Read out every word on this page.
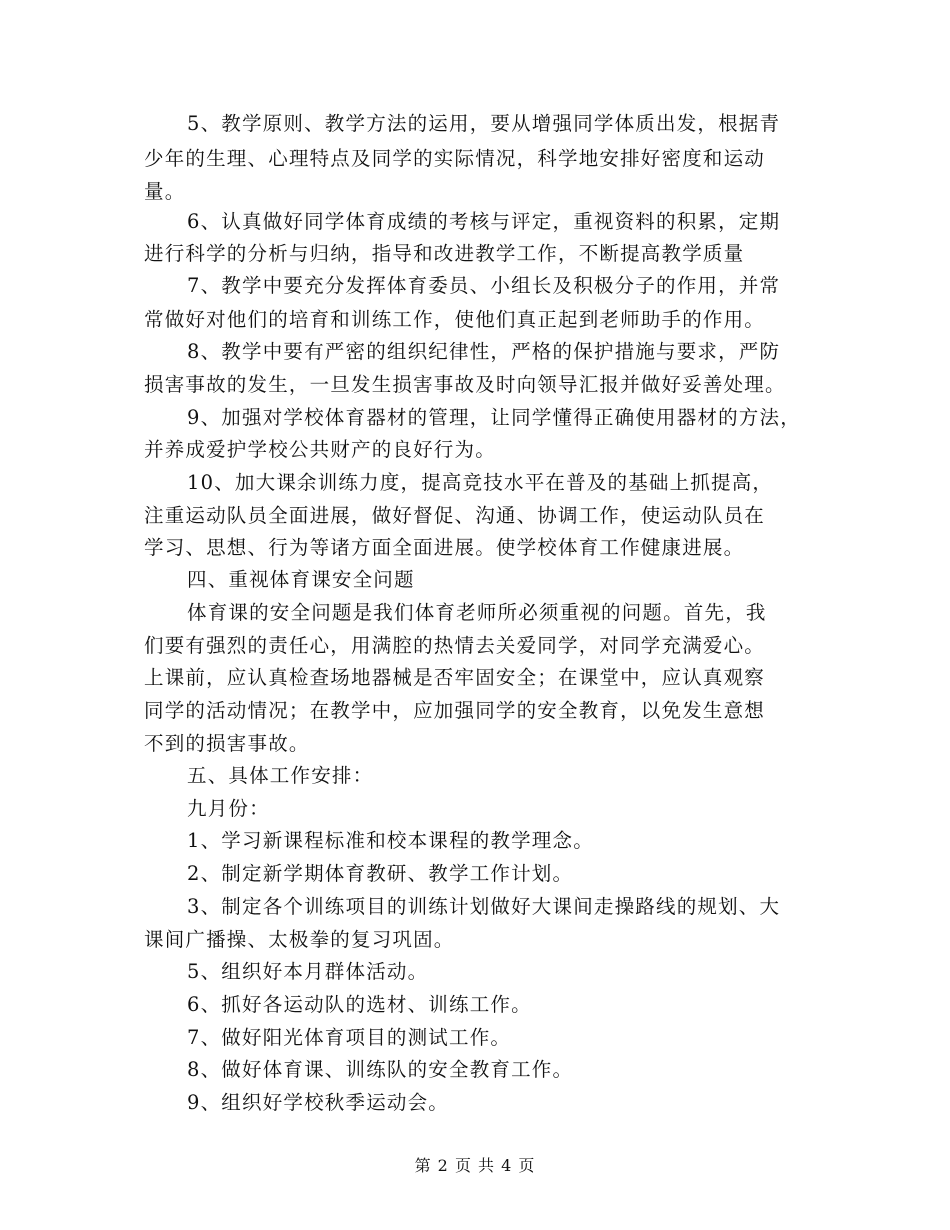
5、教学原则、教学方法的运用，要从增强同学体质出发，根据青
少年的生理、心理特点及同学的实际情况，科学地安排好密度和运动
量。
6、认真做好同学体育成绩的考核与评定，重视资料的积累，定期
进行科学的分析与归纳，指导和改进教学工作，不断提高教学质量
7、教学中要充分发挥体育委员、小组长及积极分子的作用，并常
常做好对他们的培育和训练工作，使他们真正起到老师助手的作用。
8、教学中要有严密的组织纪律性，严格的保护措施与要求，严防
损害事故的发生，一旦发生损害事故及时向领导汇报并做好妥善处理。
9、加强对学校体育器材的管理，让同学懂得正确使用器材的方法，
并养成爱护学校公共财产的良好行为。
10、加大课余训练力度，提高竞技水平在普及的基础上抓提高，
注重运动队员全面进展，做好督促、沟通、协调工作，使运动队员在
学习、思想、行为等诸方面全面进展。使学校体育工作健康进展。
四、重视体育课安全问题
体育课的安全问题是我们体育老师所必须重视的问题。首先，我
们要有强烈的责任心，用满腔的热情去关爱同学，对同学充满爱心。
上课前，应认真检查场地器械是否牢固安全；在课堂中，应认真观察
同学的活动情况；在教学中，应加强同学的安全教育，以免发生意想
不到的损害事故。
五、具体工作安排：
九月份：
1、学习新课程标准和校本课程的教学理念。
2、制定新学期体育教研、教学工作计划。
3、制定各个训练项目的训练计划做好大课间走操路线的规划、大
课间广播操、太极拳的复习巩固。
5、组织好本月群体活动。
6、抓好各运动队的选材、训练工作。
7、做好阳光体育项目的测试工作。
8、做好体育课、训练队的安全教育工作。
9、组织好学校秋季运动会。
第 2 页 共 4 页
